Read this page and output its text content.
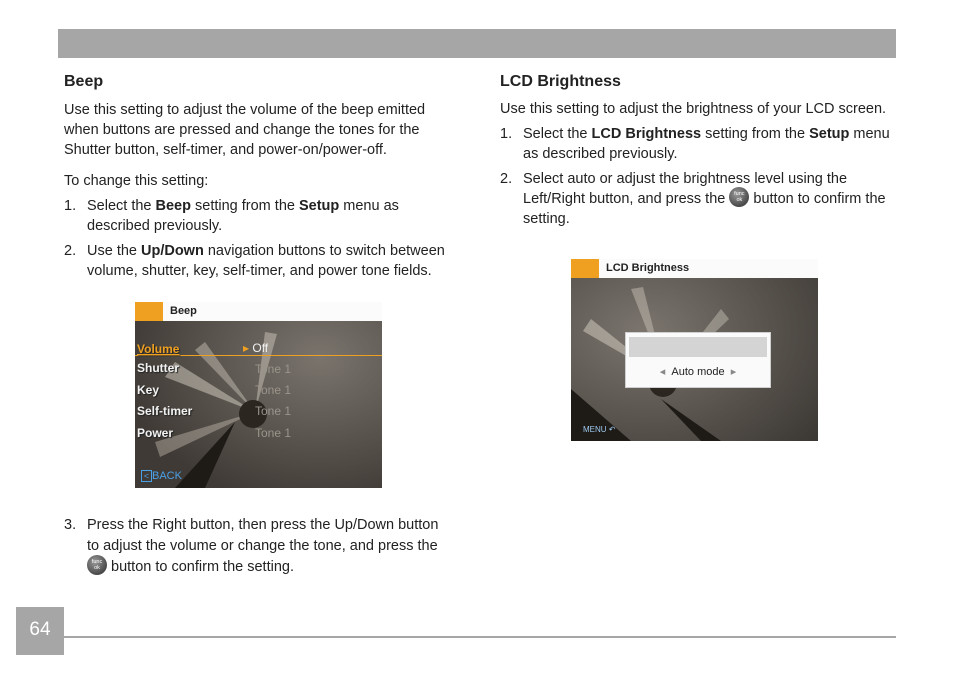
Beep

Use this setting to adjust the volume of the beep emitted when buttons are pressed and change the tones for the Shutter button, self-timer, and power-on/power-off.

To change this setting:

1. Select the Beep setting from the Setup menu as described previously.
2. Use the Up/Down navigation buttons to switch between volume, shutter, key, self-timer, and power tone fields.
Beep
Volume	▸ Off
Shutter	Tone 1
Key	Tone 1
Self-timer	Tone 1
Power	Tone 1
< BACK
3. Press the Right button, then press the Up/Down button to adjust the volume or change the tone, and press the
func
ok button to confirm the setting.
LCD Brightness

Use this setting to adjust the brightness of your LCD screen.

1. Select the LCD Brightness setting from the Setup menu as described previously.
2. Select auto or adjust the brightness level using the Left/Right button, and press the func
ok button to confirm the setting.
LCD Brightness
◂  Auto mode  ▸
MENU ↶
64
